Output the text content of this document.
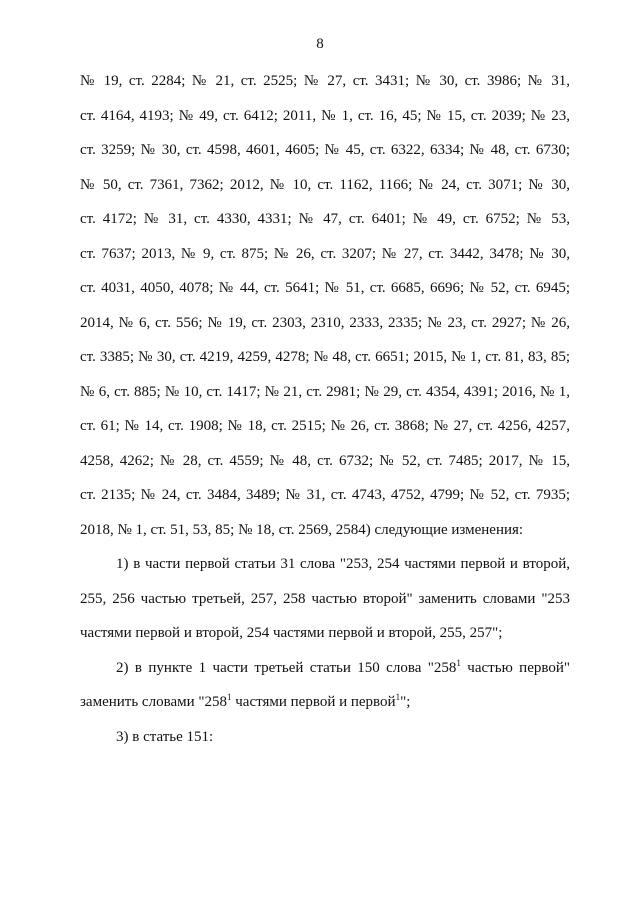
8
№ 19, ст. 2284; № 21, ст. 2525; № 27, ст. 3431; № 30, ст. 3986; № 31,
ст. 4164, 4193; № 49, ст. 6412; 2011, № 1, ст. 16, 45; № 15, ст. 2039; № 23,
ст. 3259; № 30, ст. 4598, 4601, 4605; № 45, ст. 6322, 6334; № 48, ст. 6730;
№ 50, ст. 7361, 7362; 2012, № 10, ст. 1162, 1166; № 24, ст. 3071; № 30,
ст. 4172; № 31, ст. 4330, 4331; № 47, ст. 6401; № 49, ст. 6752; № 53,
ст. 7637; 2013, № 9, ст. 875; № 26, ст. 3207; № 27, ст. 3442, 3478; № 30,
ст. 4031, 4050, 4078; № 44, ст. 5641; № 51, ст. 6685, 6696; № 52, ст. 6945;
2014, № 6, ст. 556; № 19, ст. 2303, 2310, 2333, 2335; № 23, ст. 2927; № 26,
ст. 3385; № 30, ст. 4219, 4259, 4278; № 48, ст. 6651; 2015, № 1, ст. 81, 83, 85;
№ 6, ст. 885; № 10, ст. 1417; № 21, ст. 2981; № 29, ст. 4354, 4391; 2016, № 1,
ст. 61; № 14, ст. 1908; № 18, ст. 2515; № 26, ст. 3868; № 27, ст. 4256, 4257,
4258, 4262; № 28, ст. 4559; № 48, ст. 6732; № 52, ст. 7485; 2017, № 15,
ст. 2135; № 24, ст. 3484, 3489; № 31, ст. 4743, 4752, 4799; № 52, ст. 7935;
2018, № 1, ст. 51, 53, 85; № 18, ст. 2569, 2584) следующие изменения:
1) в части первой статьи 31 слова "253, 254 частями первой и второй,
255, 256 частью третьей, 257, 258 частью второй" заменить словами "253
частями первой и второй, 254 частями первой и второй, 255, 257";
2) в пункте 1 части третьей статьи 150 слова "$258^1$ частью первой"
заменить словами "$258^1$ частями первой и первой$^1$";
3) в статье 151:
